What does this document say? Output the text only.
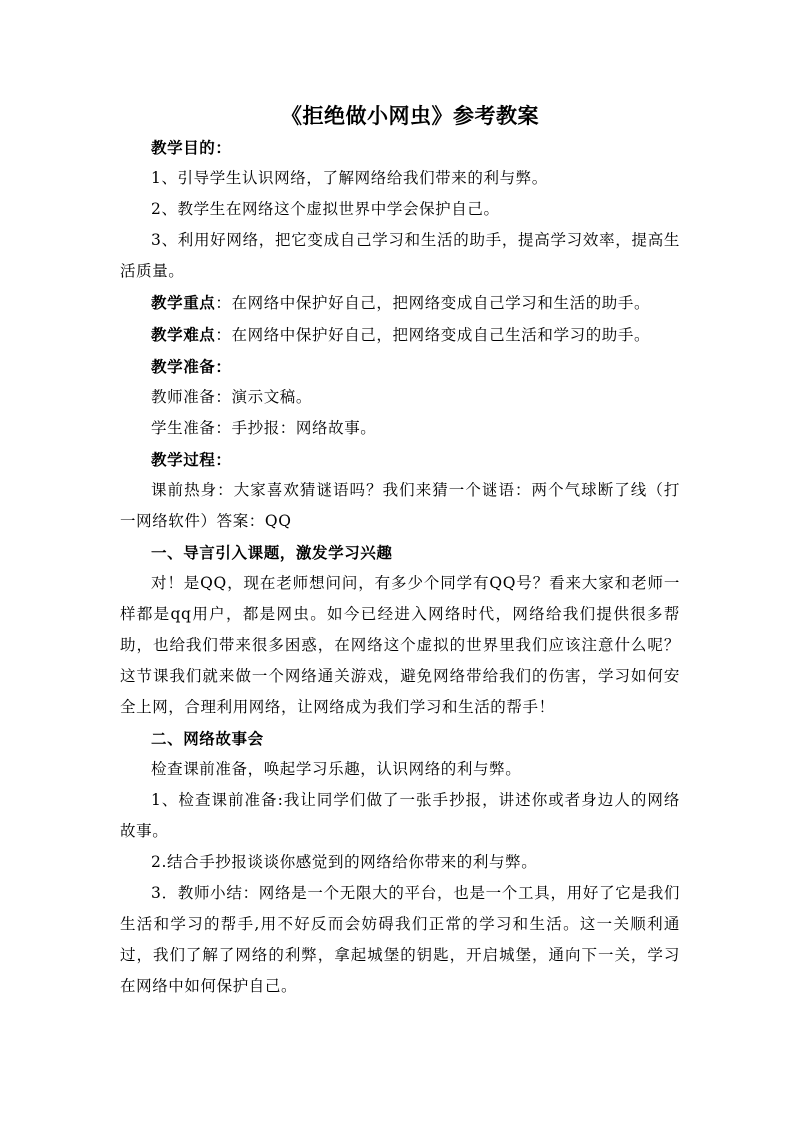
《拒绝做小网虫》参考教案

教学目的：

1、引导学生认识网络，了解网络给我们带来的利与弊。

2、教学生在网络这个虚拟世界中学会保护自己。

3、利用好网络，把它变成自己学习和生活的助手，提高学习效率，提高生活质量。

教学重点：在网络中保护好自己，把网络变成自己学习和生活的助手。

教学难点：在网络中保护好自己，把网络变成自己生活和学习的助手。

教学准备：

教师准备：演示文稿。

学生准备：手抄报：网络故事。

教学过程：

课前热身：大家喜欢猜谜语吗？我们来猜一个谜语：两个气球断了线（打一网络软件）答案：QQ

一、导言引入课题，激发学习兴趣

对！是QQ，现在老师想问问，有多少个同学有QQ号？看来大家和老师一样都是qq用户，都是网虫。如今已经进入网络时代，网络给我们提供很多帮助，也给我们带来很多困惑，在网络这个虚拟的世界里我们应该注意什么呢？这节课我们就来做一个网络通关游戏，避免网络带给我们的伤害，学习如何安全上网，合理利用网络，让网络成为我们学习和生活的帮手！

二、网络故事会

检查课前准备，唤起学习乐趣，认识网络的利与弊。

1、检查课前准备:我让同学们做了一张手抄报，讲述你或者身边人的网络故事。

2.结合手抄报谈谈你感觉到的网络给你带来的利与弊。

3．教师小结：网络是一个无限大的平台，也是一个工具，用好了它是我们生活和学习的帮手,用不好反而会妨碍我们正常的学习和生活。这一关顺利通过，我们了解了网络的利弊，拿起城堡的钥匙，开启城堡，通向下一关，学习在网络中如何保护自己。
